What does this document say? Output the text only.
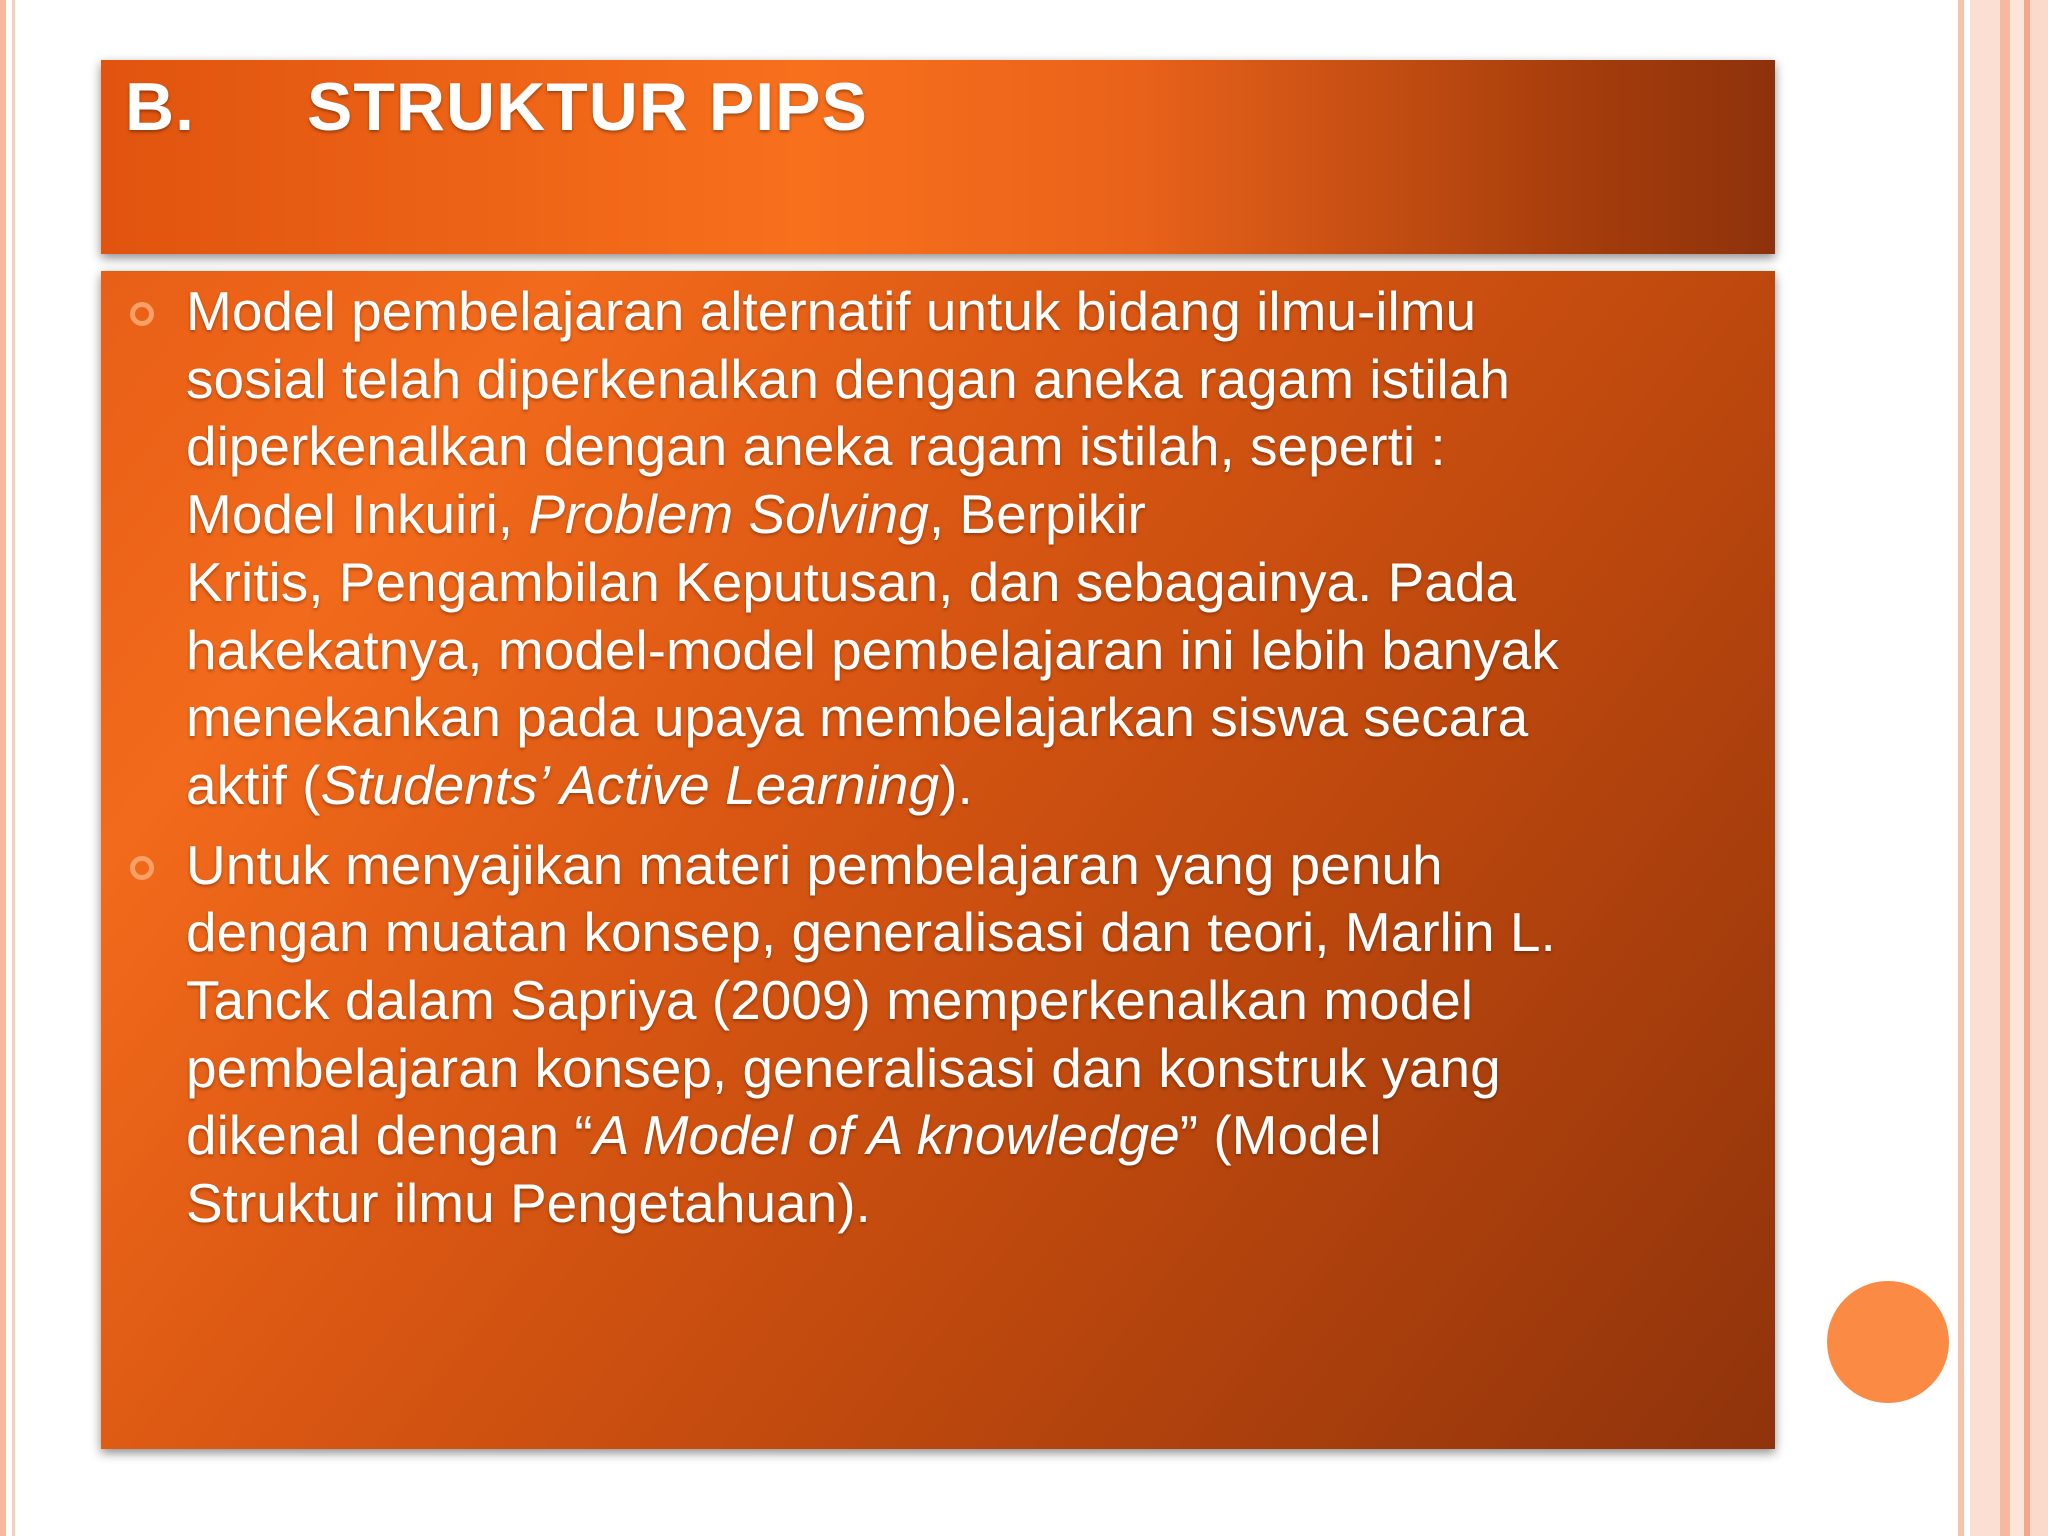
B. STRUKTUR PIPS
Model pembelajaran alternatif untuk bidang ilmu-ilmu
sosial telah diperkenalkan dengan aneka ragam istilah
diperkenalkan dengan aneka ragam istilah, seperti :
Model Inkuiri, Problem Solving, Berpikir
Kritis, Pengambilan Keputusan, dan sebagainya. Pada
hakekatnya, model-model pembelajaran ini lebih banyak
menekankan pada upaya membelajarkan siswa secara
aktif (Students’ Active Learning).
Untuk menyajikan materi pembelajaran yang penuh
dengan muatan konsep, generalisasi dan teori, Marlin L.
Tanck dalam Sapriya (2009) memperkenalkan model
pembelajaran konsep, generalisasi dan konstruk yang
dikenal dengan “A Model of A knowledge” (Model
Struktur ilmu Pengetahuan).
